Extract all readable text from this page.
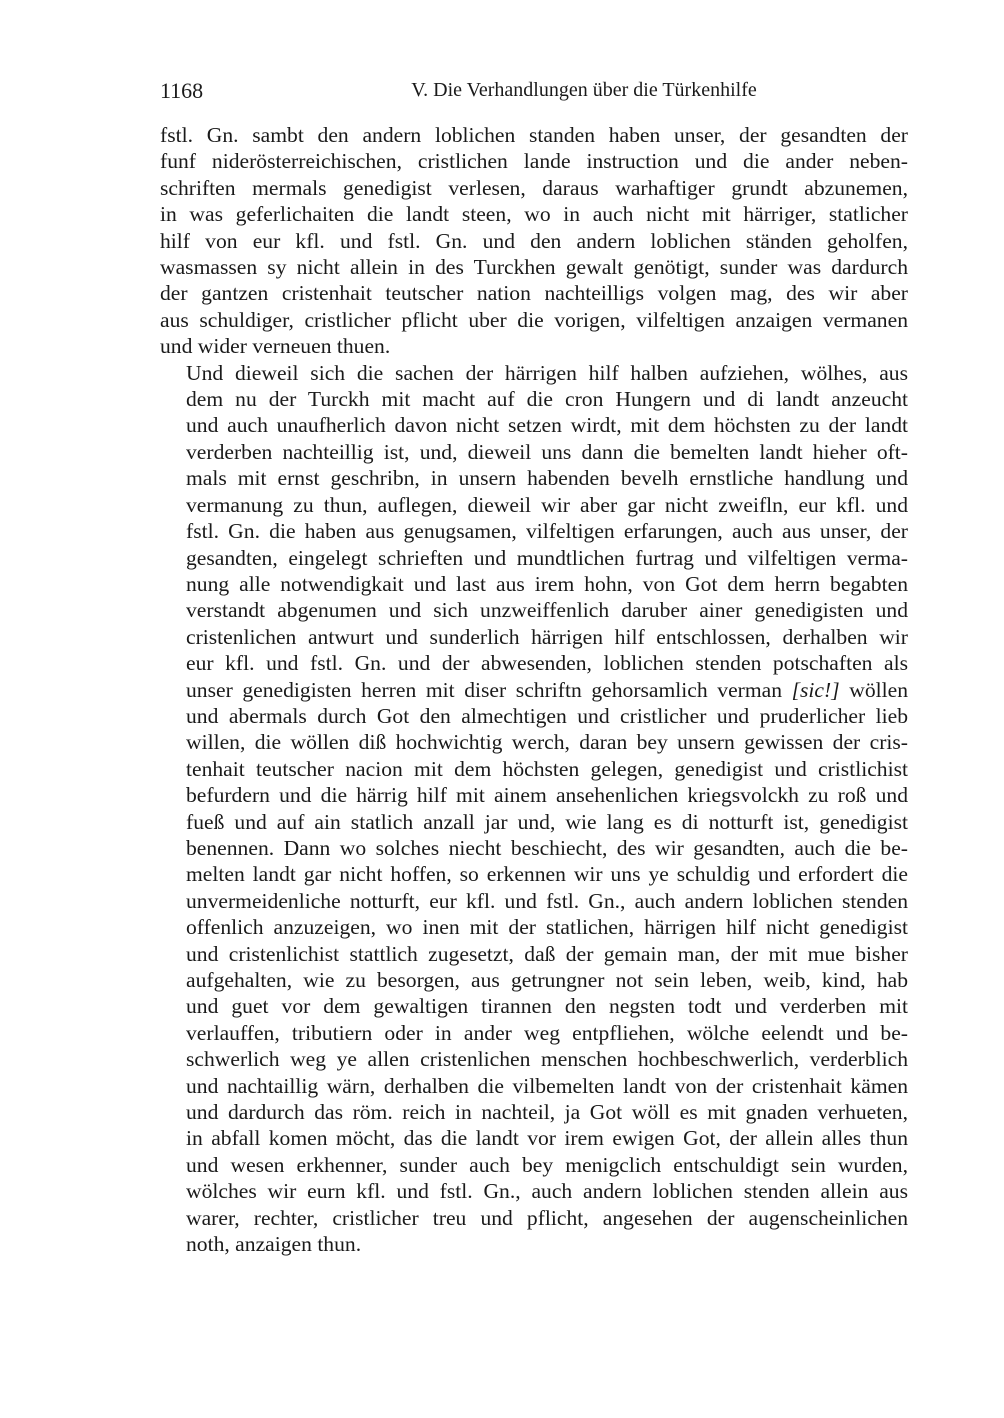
1168	V. Die Verhandlungen über die Türkenhilfe

fstl. Gn. sambt den andern loblichen standen haben unser, der gesandten der
funf niderösterreichischen, cristlichen lande instruction und die ander neben-
schriften mermals genedigist verlesen, daraus warhaftiger grundt abzunemen,
in was geferlichaiten die landt steen, wo in auch nicht mit härriger, statlicher
hilf von eur kfl. und fstl. Gn. und den andern loblichen ständen geholfen,
wasmassen sy nicht allein in des Turckhen gewalt genötigt, sunder was dardurch
der gantzen cristenhait teutscher nation nachteilligs volgen mag, des wir aber
aus schuldiger, cristlicher pflicht uber die vorigen, vilfeltigen anzaigen vermanen
und wider verneuen thuen.

Und dieweil sich die sachen der härrigen hilf halben aufziehen, wölhes, aus
dem nu der Turckh mit macht auf die cron Hungern und di landt anzeucht
und auch unaufherlich davon nicht setzen wirdt, mit dem höchsten zu der landt
verderben nachteillig ist, und, dieweil uns dann die bemelten landt hieher oft-
mals mit ernst geschribn, in unsern habenden bevelh ernstliche handlung und
vermanung zu thun, auflegen, dieweil wir aber gar nicht zweifln, eur kfl. und
fstl. Gn. die haben aus genugsamen, vilfeltigen erfarungen, auch aus unser, der
gesandten, eingelegt schrieften und mundtlichen furtrag und vilfeltigen verma-
nung alle notwendigkait und last aus irem hohn, von Got dem herrn begabten
verstandt abgenumen und sich unzweiffenlich daruber ainer genedigisten und
cristenlichen antwurt und sunderlich härrigen hilf entschlossen, derhalben wir
eur kfl. und fstl. Gn. und der abwesenden, loblichen stenden potschaften als
unser genedigisten herren mit diser schriftn gehorsamlich verman [sic!] wöllen
und abermals durch Got den almechtigen und cristlicher und pruderlicher lieb
willen, die wöllen diß hochwichtig werch, daran bey unsern gewissen der cris-
tenhait teutscher nacion mit dem höchsten gelegen, genedigist und cristlichist
befurdern und die härrig hilf mit ainem ansehenlichen kriegsvolckh zu roß und
fueß und auf ain statlich anzall jar und, wie lang es di notturft ist, genedigist
benennen. Dann wo solches niecht beschiecht, des wir gesandten, auch die be-
melten landt gar nicht hoffen, so erkennen wir uns ye schuldig und erfordert die
unvermeidenliche notturft, eur kfl. und fstl. Gn., auch andern loblichen stenden
offenlich anzuzeigen, wo inen mit der statlichen, härrigen hilf nicht genedigist
und cristenlichist stattlich zugesetzt, daß der gemain man, der mit mue bisher
aufgehalten, wie zu besorgen, aus getrungner not sein leben, weib, kind, hab
und guet vor dem gewaltigen tirannen den negsten todt und verderben mit
verlauffen, tributiern oder in ander weg entpfliehen, wölche eelendt und be-
schwerlich weg ye allen cristenlichen menschen hochbeschwerlich, verderblich
und nachtaillig wärn, derhalben die vilbemelten landt von der cristenhait kämen
und dardurch das röm. reich in nachteil, ja Got wöll es mit gnaden verhueten,
in abfall komen möcht, das die landt vor irem ewigen Got, der allein alles thun
und wesen erkhenner, sunder auch bey menigclich entschuldigt sein wurden,
wölches wir eurn kfl. und fstl. Gn., auch andern loblichen stenden allein aus
warer, rechter, cristlicher treu und pflicht, angesehen der augenscheinlichen
noth, anzaigen thun.
